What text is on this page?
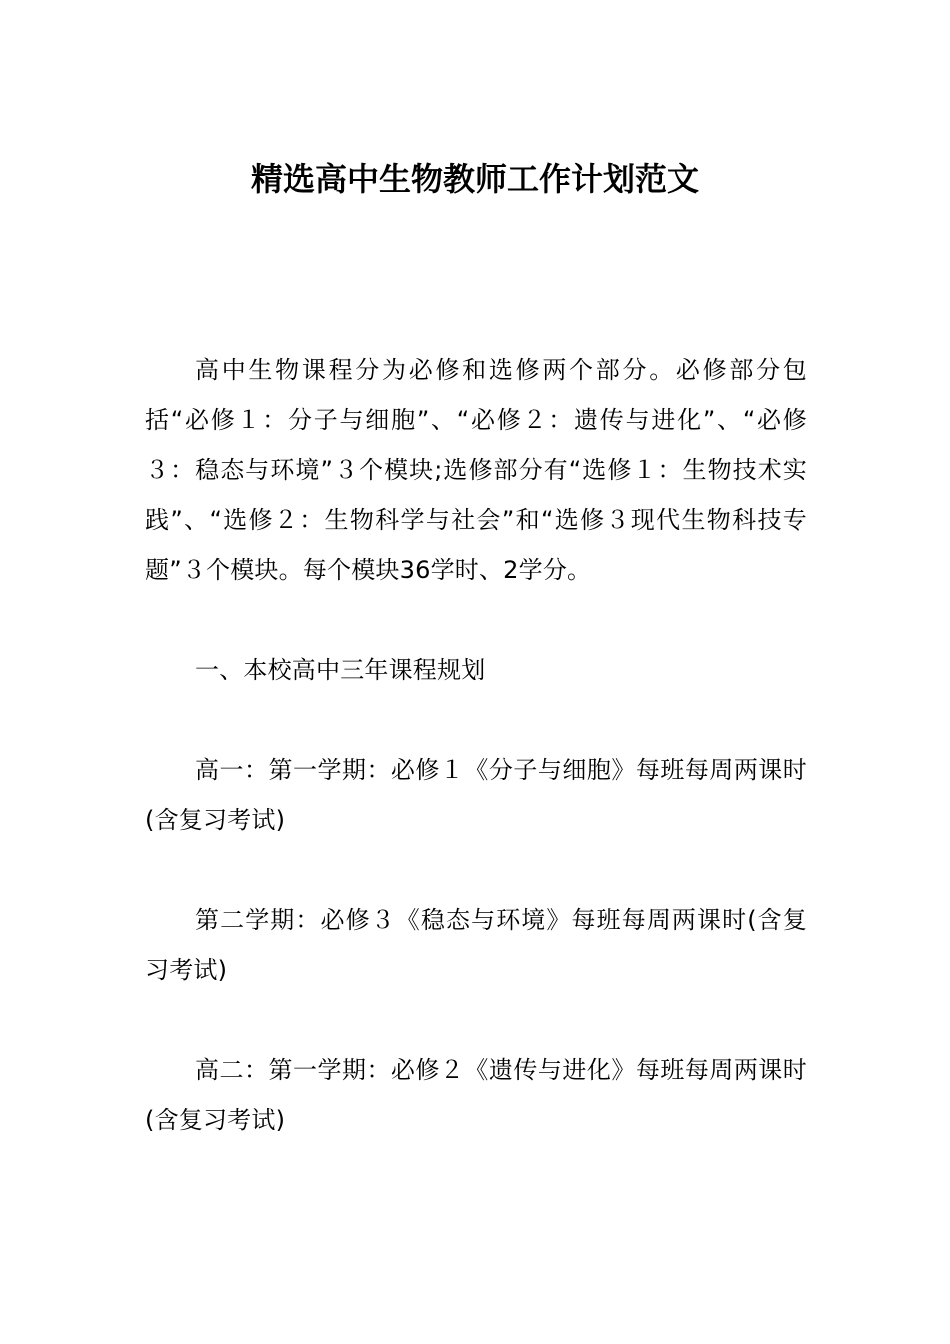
精选高中生物教师工作计划范文

高中生物课程分为必修和选修两个部分。必修部分包括“必修１：分子与细胞”、“必修２：遗传与进化”、“必修３：稳态与环境”３个模块;选修部分有“选修１：生物技术实践”、“选修２：生物科学与社会”和“选修３现代生物科技专题”３个模块。每个模块36学时、2学分。

一、本校高中三年课程规划

高一：第一学期：必修１《分子与细胞》每班每周两课时(含复习考试)

第二学期：必修３《稳态与环境》每班每周两课时(含复习考试)

高二：第一学期：必修２《遗传与进化》每班每周两课时(含复习考试)
